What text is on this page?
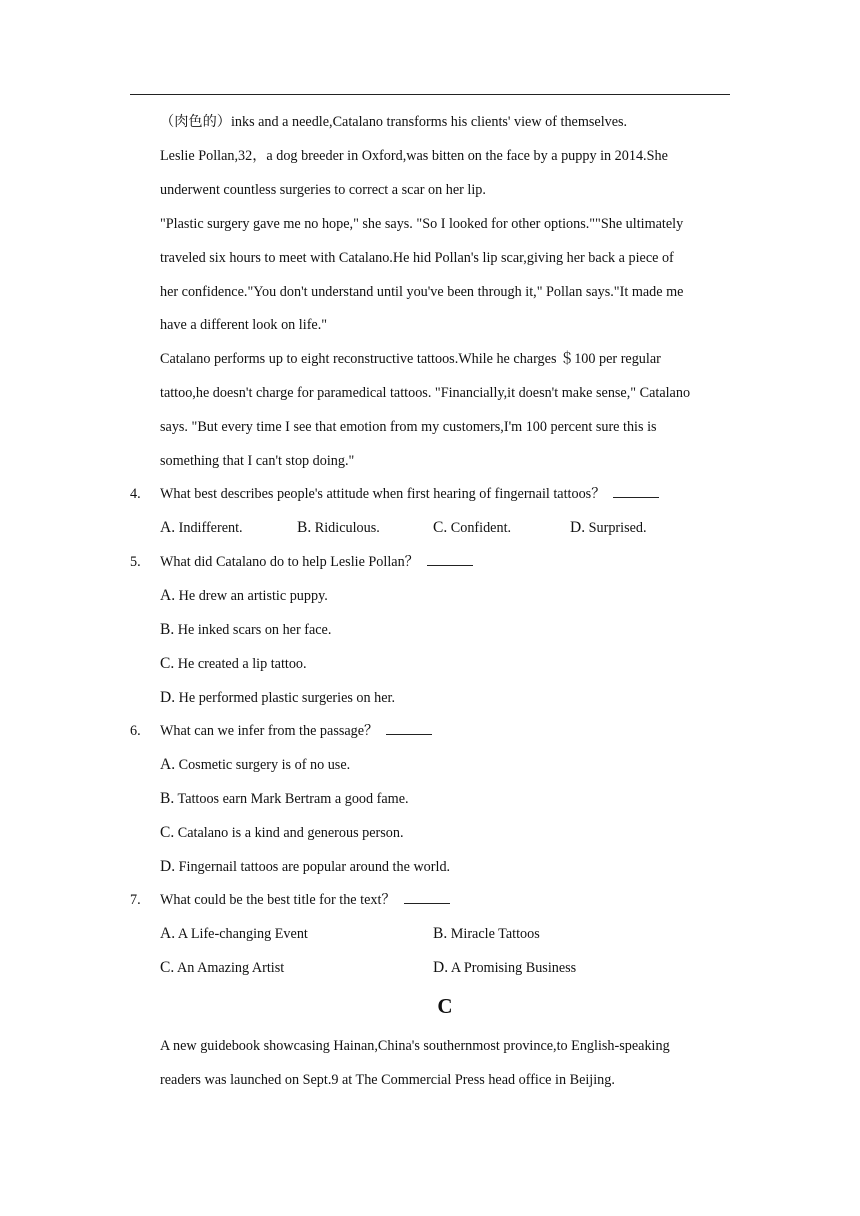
（肉色的）inks and a needle,Catalano transforms his clients' view of themselves.
Leslie Pollan,32，a dog breeder in Oxford,was bitten on the face by a puppy in 2014.She
underwent countless surgeries to correct a scar on her lip.
"Plastic surgery gave me no hope," she says. "So I looked for other options.""She ultimately
traveled six hours to meet with Catalano.He hid Pollan's lip scar,giving her back a piece of
her confidence."You don't understand until you've been through it," Pollan says."It made me
have a different look on life."
Catalano performs up to eight reconstructive tattoos.While he charges ＄100 per regular
tattoo,he doesn't charge for paramedical tattoos. "Financially,it doesn't make sense," Catalano
says. "But every time I see that emotion from my customers,I'm 100 percent sure this is
something that I can't stop doing."
4. What best describes people's attitude when first hearing of fingernail tattoos？
A. Indifferent.	B. Ridiculous.	C. Confident.	D. Surprised.
5. What did Catalano do to help Leslie Pollan？
A. He drew an artistic puppy.
B. He inked scars on her face.
C. He created a lip tattoo.
D. He performed plastic surgeries on her.
6. What can we infer from the passage？
A. Cosmetic surgery is of no use.
B. Tattoos earn Mark Bertram a good fame.
C. Catalano is a kind and generous person.
D. Fingernail tattoos are popular around the world.
7. What could be the best title for the text？
A. A Life-changing Event	B. Miracle Tattoos
C. An Amazing Artist	D. A Promising Business
C
A new guidebook showcasing Hainan,China's southernmost province,to English-speaking
readers was launched on Sept.9 at The Commercial Press head office in Beijing.
